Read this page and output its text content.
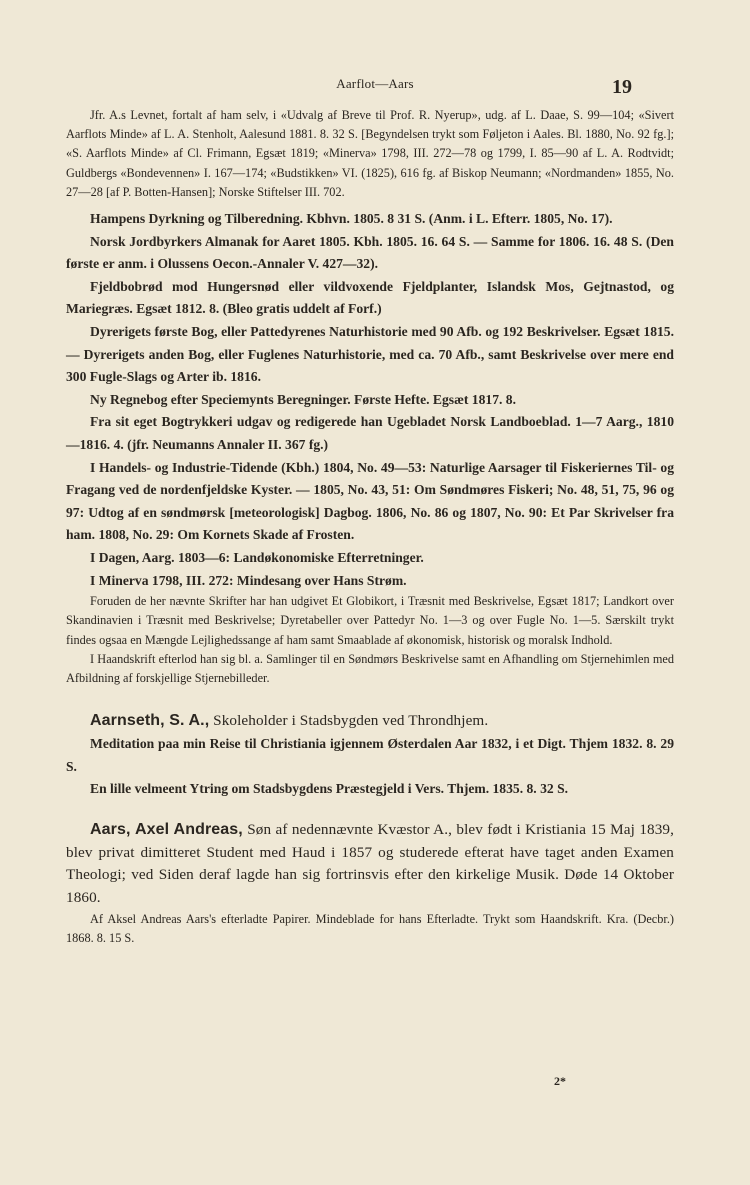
Aarflot—Aars	19

Jfr. A.s Levnet, fortalt af ham selv, i «Udvalg af Breve til Prof. R. Nyerup», udg. af L. Daae, S. 99—104; «Sivert Aarflots Minde» af L. A. Stenholt, Aalesund 1881. 8. 32 S. [Begyndelsen trykt som Føljeton i Aales. Bl. 1880, No. 92 fg.]; «S. Aarflots Minde» af Cl. Frimann, Egsæt 1819; «Minerva» 1798, III. 272—78 og 1799, I. 85—90 af L. A. Rodtvidt; Guldbergs «Bondevennen» I. 167—174; «Budstikken» VI. (1825), 616 fg. af Biskop Neumann; «Nordmanden» 1855, No. 27—28 [af P. Botten-Hansen]; Norske Stiftelser III. 702.

Hampens Dyrkning og Tilberedning. Kbhvn. 1805. 8 31 S. (Anm. i L. Efterr. 1805, No. 17).

Norsk Jordbyrkers Almanak for Aaret 1805. Kbh. 1805. 16. 64 S. — Samme for 1806. 16. 48 S. (Den første er anm. i Olussens Oecon.-Annaler V. 427—32).

Fjeldbobrød mod Hungersnød eller vildvoxende Fjeldplanter, Islandsk Mos, Gejtnastod, og Mariegræs. Egsæt 1812. 8. (Bleo gratis uddelt af Forf.)

Dyrerigets første Bog, eller Pattedyrenes Naturhistorie med 90 Afb. og 192 Beskrivelser. Egsæt 1815. — Dyrerigets anden Bog, eller Fuglenes Naturhistorie, med ca. 70 Afb., samt Beskrivelse over mere end 300 Fugle-Slags og Arter ib. 1816.

Ny Regnebog efter Speciemynts Beregninger. Første Hefte. Egsæt 1817. 8.

Fra sit eget Bogtrykkeri udgav og redigerede han Ugebladet Norsk Landboeblad. 1—7 Aarg., 1810—1816. 4. (jfr. Neumanns Annaler II. 367 fg.)

I Handels- og Industrie-Tidende (Kbh.) 1804, No. 49—53: Naturlige Aarsager til Fiskeriernes Til- og Fragang ved de nordenfjeldske Kyster. — 1805, No. 43, 51: Om Søndmøres Fiskeri; No. 48, 51, 75, 96 og 97: Udtog af en søndmørsk [meteorologisk] Dagbog. 1806, No. 86 og 1807, No. 90: Et Par Skrivelser fra ham. 1808, No. 29: Om Kornets Skade af Frosten.

I Dagen, Aarg. 1803—6: Landøkonomiske Efterretninger.

I Minerva 1798, III. 272: Mindesang over Hans Strøm.

Foruden de her nævnte Skrifter har han udgivet Et Globikort, i Træsnit med Beskrivelse, Egsæt 1817; Landkort over Skandinavien i Træsnit med Beskrivelse; Dyretabeller over Pattedyr No. 1—3 og over Fugle No. 1—5. Særskilt trykt findes ogsaa en Mængde Lejlighedssange af ham samt Smaablade af økonomisk, historisk og moralsk Indhold.

I Haandskrift efterlod han sig bl. a. Samlinger til en Søndmørs Beskrivelse samt en Afhandling om Stjernehimlen med Afbildning af forskjellige Stjernebilleder.

Aarnseth, S. A., Skoleholder i Stadsbygden ved Throndhjem.

Meditation paa min Reise til Christiania igjennem Østerdalen Aar 1832, i et Digt. Thjem 1832. 8. 29 S.

En lille velmeent Ytring om Stadsbygdens Præstegjeld i Vers. Thjem. 1835. 8. 32 S.

Aars, Axel Andreas, Søn af nedennævnte Kvæstor A., blev født i Kristiania 15 Maj 1839, blev privat dimitteret Student med Haud i 1857 og studerede efterat have taget anden Examen Theologi; ved Siden deraf lagde han sig fortrinsvis efter den kirkelige Musik. Døde 14 Oktober 1860.

Af Aksel Andreas Aars's efterladte Papirer. Mindeblade for hans Efterladte. Trykt som Haandskrift. Kra. (Decbr.) 1868. 8. 15 S.

2*
